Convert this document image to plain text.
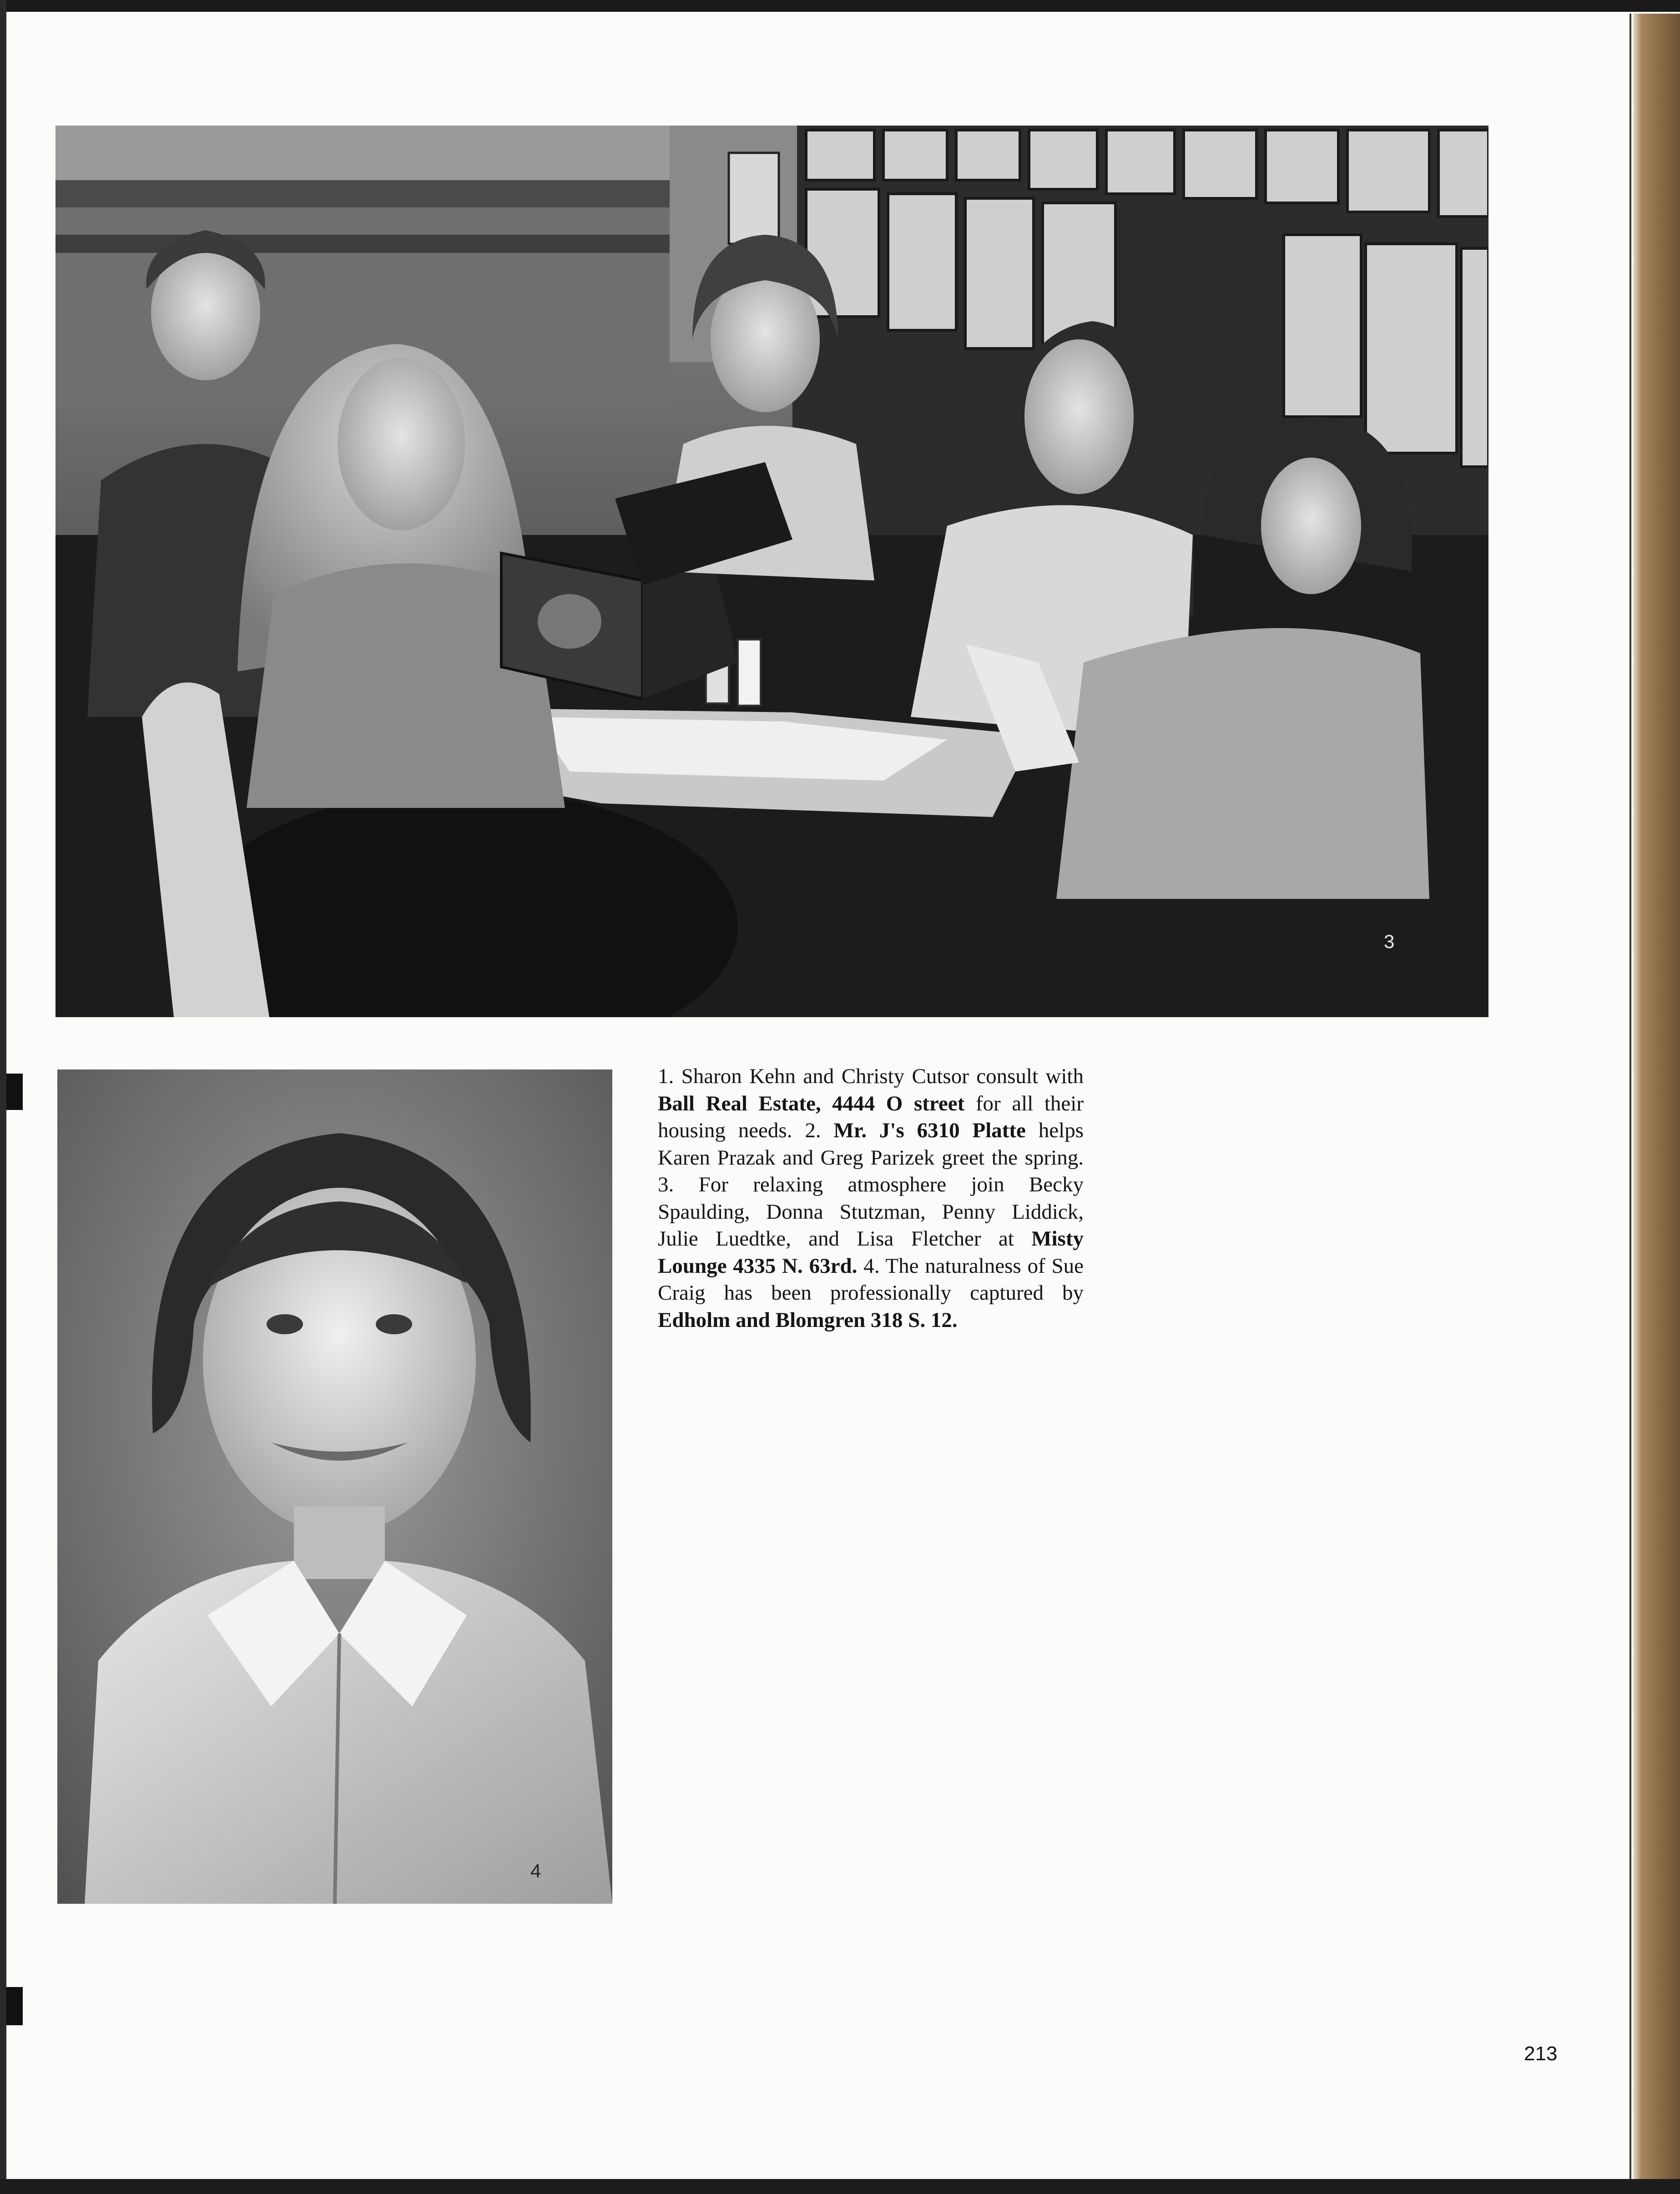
3
4

1. Sharon Kehn and Christy Cutsor consult with Ball Real Estate, 4444 O street for all their housing needs. 2. Mr. J's 6310 Platte helps Karen Prazak and Greg Parizek greet the spring. 3. For relaxing atmosphere join Becky Spaulding, Donna Stutzman, Penny Liddick, Julie Luedtke, and Lisa Fletcher at Misty Lounge 4335 N. 63rd. 4. The naturalness of Sue Craig has been professionally captured by Edholm and Blomgren 318 S. 12.

213
